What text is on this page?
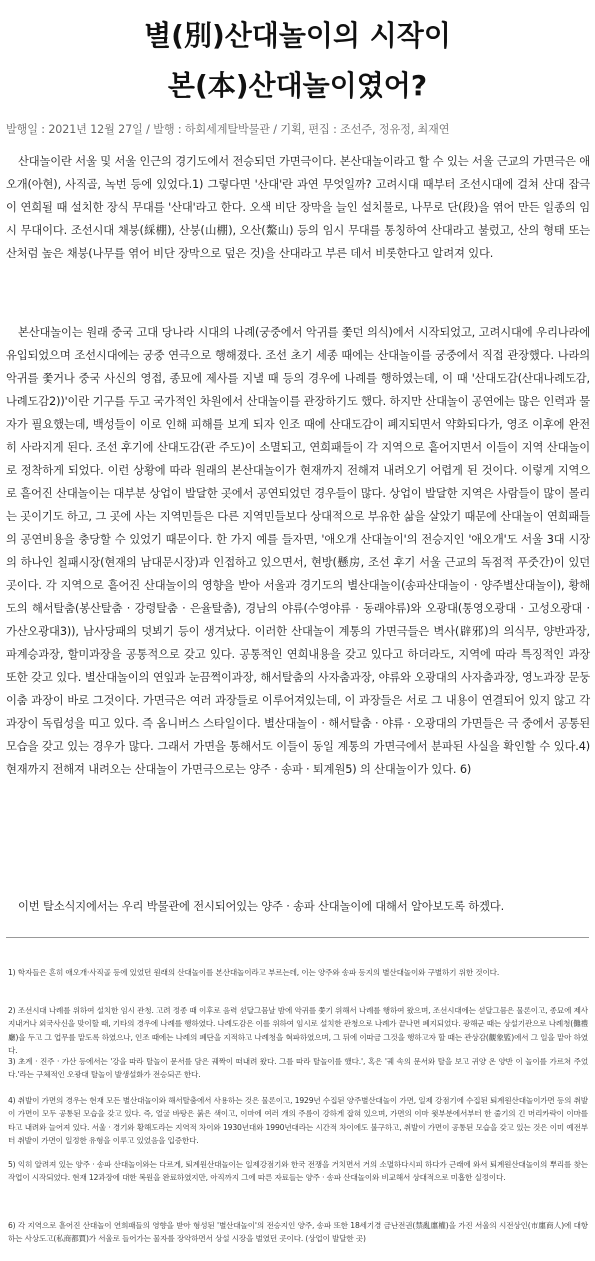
별(別)산대놀이의 시작이
본(本)산대놀이였어?
발행일 : 2021년 12월 27일 / 발행 : 하회세계탈박물관 / 기획, 편집 : 조선주, 정유정, 최재연

산대놀이란 서울 및 서울 인근의 경기도에서 전승되던 가면극이다. 본산대놀이라고 할 수 있는 서울 근교의 가면극은 애오개(아현), 사직골, 녹번 등에 있었다.1) 그렇다면 '산대'란 과연 무엇일까? 고려시대 때부터 조선시대에 걸쳐 산대 잡극이 연희될 때 설치한 장식 무대를 '산대'라고 한다. 오색 비단 장막을 늘인 설치물로, 나무로 단(段)을 엮어 만든 일종의 임시 무대이다. 조선시대 채붕(綵棚), 산붕(山棚), 오산(鰲山) 등의 임시 무대를 통칭하여 산대라고 불렀고, 산의 형태 또는 산처럼 높은 채붕(나무를 엮어 비단 장막으로 덮은 것)을 산대라고 부른 데서 비롯한다고 알려져 있다.

본산대놀이는 원래 중국 고대 당나라 시대의 나례(궁중에서 악귀를 쫓던 의식)에서 시작되었고, 고려시대에 우리나라에 유입되었으며 조선시대에는 궁중 연극으로 행해졌다. 조선 초기 세종 때에는 산대놀이를 궁중에서 직접 관장했다. 나라의 악귀를 쫓거나 중국 사신의 영접, 종묘에 제사를 지낼 때 등의 경우에 나례를 행하였는데, 이 때 '산대도감(산대나례도감, 나례도감2))'이란 기구를 두고 국가적인 차원에서 산대놀이를 관장하기도 했다. 하지만 산대놀이 공연에는 많은 인력과 물자가 필요했는데, 백성들이 이로 인해 피해를 보게 되자 인조 때에 산대도감이 폐지되면서 약화되다가, 영조 이후에 완전히 사라지게 된다. 조선 후기에 산대도감(관 주도)이 소멸되고, 연희패들이 각 지역으로 흩어지면서 이들이 지역 산대놀이로 정착하게 되었다. 이런 상황에 따라 원래의 본산대놀이가 현재까지 전해져 내려오기 어렵게 된 것이다. 이렇게 지역으로 흩어진 산대놀이는 대부분 상업이 발달한 곳에서 공연되었던 경우들이 많다. 상업이 발달한 지역은 사람들이 많이 몰리는 곳이기도 하고, 그 곳에 사는 지역민들은 다른 지역민들보다 상대적으로 부유한 삶을 살았기 때문에 산대놀이 연희패들의 공연비용을 충당할 수 있었기 때문이다. 한 가지 예를 들자면, '애오개 산대놀이'의 전승지인 '애오개'도 서울 3대 시장의 하나인 칠패시장(현재의 남대문시장)과 인접하고 있으면서, 현방(懸房, 조선 후기 서울 근교의 독점적 푸줏간)이 있던 곳이다. 각 지역으로 흩어진 산대놀이의 영향을 받아 서울과 경기도의 별산대놀이(송파산대놀이 · 양주별산대놀이), 황해도의 해서탈춤(봉산탈춤 · 강령탈춤 · 은율탈춤), 경남의 야류(수영야류 · 동래야류)와 오광대(통영오광대 · 고성오광대 · 가산오광대3)), 남사당패의 덧뵈기 등이 생겨났다. 이러한 산대놀이 계통의 가면극들은 벽사(辟邪)의 의식무, 양반과장, 파계승과장, 할미과장을 공통적으로 갖고 있다. 공통적인 연희내용을 갖고 있다고 하더라도, 지역에 따라 특징적인 과장 또한 갖고 있다. 별산대놀이의 연잎과 눈끔쩍이과장, 해서탈춤의 사자춤과장, 야류와 오광대의 사자춤과장, 영노과장 문둥이춤 과장이 바로 그것이다. 가면극은 여러 과장들로 이루어져있는데, 이 과장들은 서로 그 내용이 연결되어 있지 않고 각 과장이 독립성을 띠고 있다. 즉 옴니버스 스타일이다. 별산대놀이 · 해서탈춤 · 야류 · 오광대의 가면들은 극 중에서 공통된 모습을 갖고 있는 경우가 많다. 그래서 가면을 통해서도 이들이 동일 계통의 가면극에서 분파된 사실을 확인할 수 있다.4) 현재까지 전해져 내려오는 산대놀이 가면극으로는 양주 · 송파 · 퇴계원5) 의 산대놀이가 있다. 6)

이번 탈소식지에서는 우리 박물관에 전시되어있는 양주 · 송파 산대놀이에 대해서 알아보도록 하겠다.

1) 학자들은 흔히 애오개·사직골 등에 있었던 원래의 산대놀이를 본산대놀이라고 부르는데, 이는 양주와 송파 등지의 별산대놀이와 구별하기 위한 것이다.

2) 조선시대 나례를 위하여 설치한 임시 관청. 고려 정종 때 이후로 음력 섣달그믐날 밤에 악귀를 쫓기 위해서 나례를 행하여 왔으며, 조선시대에는 섣달그믐은 물론이고, 종묘에 제사지내거나 외국사신을 맞이할 때, 기타의 경우에 나례를 행하였다. 나례도감은 이를 위하여 임시로 설치한 관청으로 나례가 끝나면 폐지되었다. 광해군 때는 상설기관으로 나례청(儺禮廳)을 두고 그 업무를 맡도록 하였으나, 인조 때에는 나례의 폐단을 지적하고 나례청을 혁파하였으며, 그 뒤에 이따금 그것을 행하고자 할 때는 관상감(觀象監)에서 그 일을 맡아 하였다.

3) 초계 · 진주 · 가산 등에서는 '강을 따라 탈놀이 문서를 담은 궤짝이 떠내려 왔다. 그를 따라 탈놀이를 했다.', 혹은 '궤 속의 문서와 탈을 보고 귀양 온 양반 이 놀이를 가르쳐 주었다.'라는 구체적인 오광대 탈놀이 발생설화가 전승되곤 한다.

4) 취발이 가면의 경우는 현재 모든 별산대놀이와 해서탈춤에서 사용하는 것은 물론이고, 1929년 수집된 양주별산대놀이 가면, 일제 강점기에 수집된 퇴계원산대놀이가면 등의 취발이 가면이 모두 공통된 모습을 갖고 있다. 즉, 얼굴 바탕은 붉은 색이고, 이마에 여러 개의 주름이 강하게 잡혀 있으며, 가면의 이마 윗부분에서부터 한 줄기의 긴 머리카락이 이마를 타고 내려와 늘어져 있다. 서울 · 경기와 황해도라는 지역적 차이와 1930년대와 1990년대라는 시간적 차이에도 불구하고, 취발이 가면이 공통된 모습을 갖고 있는 것은 이미 예전부터 취발이 가면이 일정한 유형을 이루고 있었음을 입증한다.

5) 익히 알려져 있는 양주 · 송파 산대놀이와는 다르게, 퇴계원산대놀이는 일제강점기와 한국 전쟁을 거치면서 거의 소멸하다시피 하다가 근래에 와서 퇴계원산대놀이의 뿌리를 찾는 작업이 시작되었다. 현재 12과장에 대한 복원을 완료하였지만, 아직까지 그에 따른 자료들는 양주 · 송파 산대놀이와 비교해서 상대적으로 미흡한 실정이다.

6) 각 지역으로 흩어진 산대놀이 연희패들의 영향을 받아 형성된 '별산대놀이'의 전승지인 양주, 송파 또한 18세기경 금난전권(禁亂廛權)을 가진 서울의 시전상인(市廛商人)에 대항하는 사상도고(私商都賈)가 서울로 들어가는 물자를 장악하면서 상설 시장을 벌였던 곳이다. (상업이 발달한 곳)
